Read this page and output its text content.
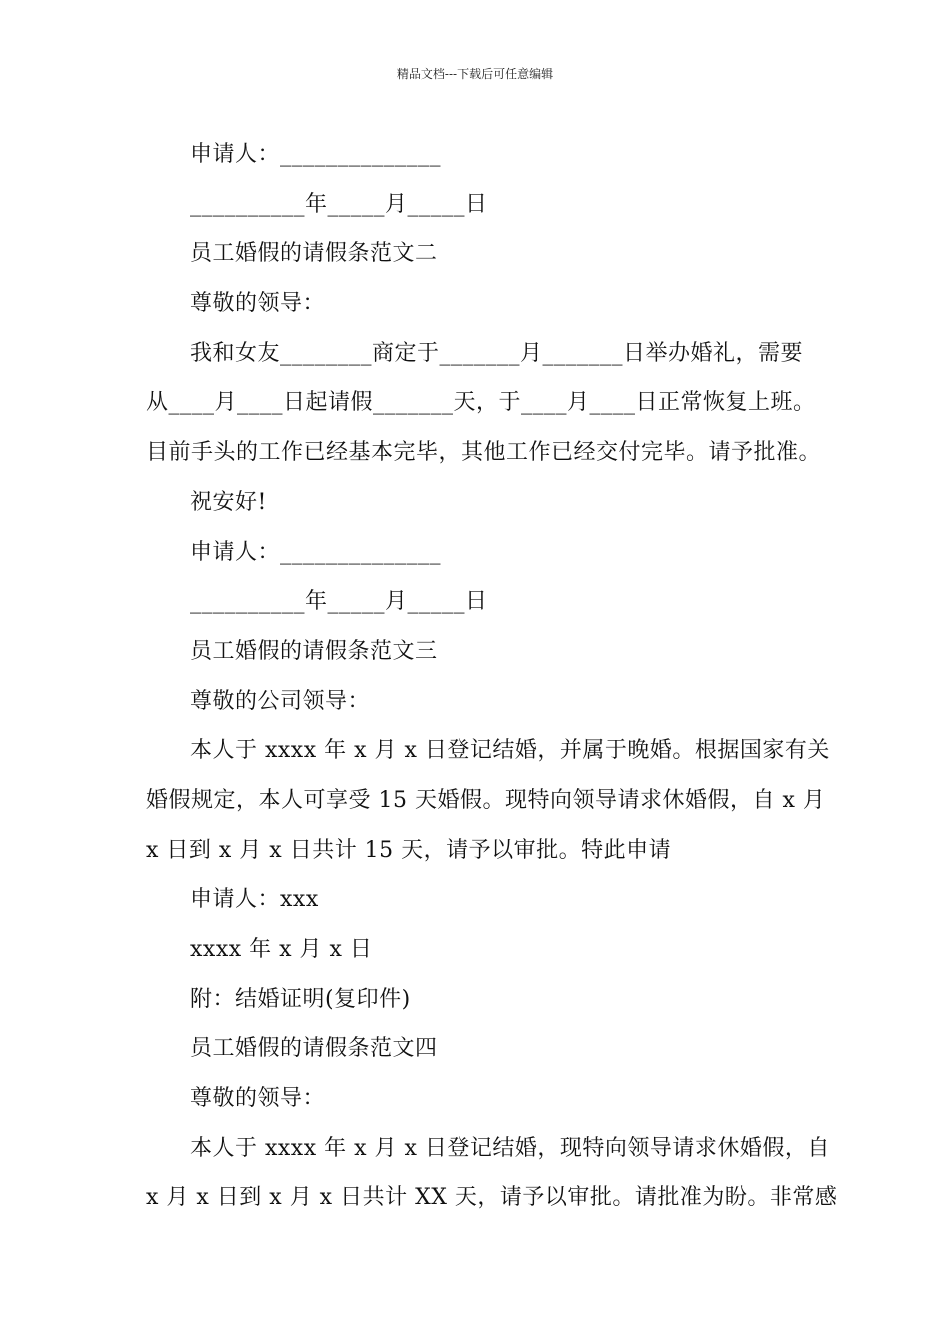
精品文档---下载后可任意编辑
申请人：______________
__________年_____月_____日
员工婚假的请假条范文二
尊敬的领导：
我和女友________商定于_______月_______日举办婚礼，需要
从____月____日起请假_______天，于____月____日正常恢复上班。
目前手头的工作已经基本完毕，其他工作已经交付完毕。请予批准。
祝安好!
申请人：______________
__________年_____月_____日
员工婚假的请假条范文三
尊敬的公司领导：
本人于 xxxx 年 x 月 x 日登记结婚，并属于晚婚。根据国家有关
婚假规定，本人可享受 15 天婚假。现特向领导请求休婚假，自 x 月
x 日到 x 月 x 日共计 15 天，请予以审批。特此申请
申请人：xxx
xxxx 年 x 月 x 日
附：结婚证明(复印件)
员工婚假的请假条范文四
尊敬的领导：
本人于 xxxx 年 x 月 x 日登记结婚，现特向领导请求休婚假，自
x 月 x 日到 x 月 x 日共计 XX 天，请予以审批。请批准为盼。非常感
